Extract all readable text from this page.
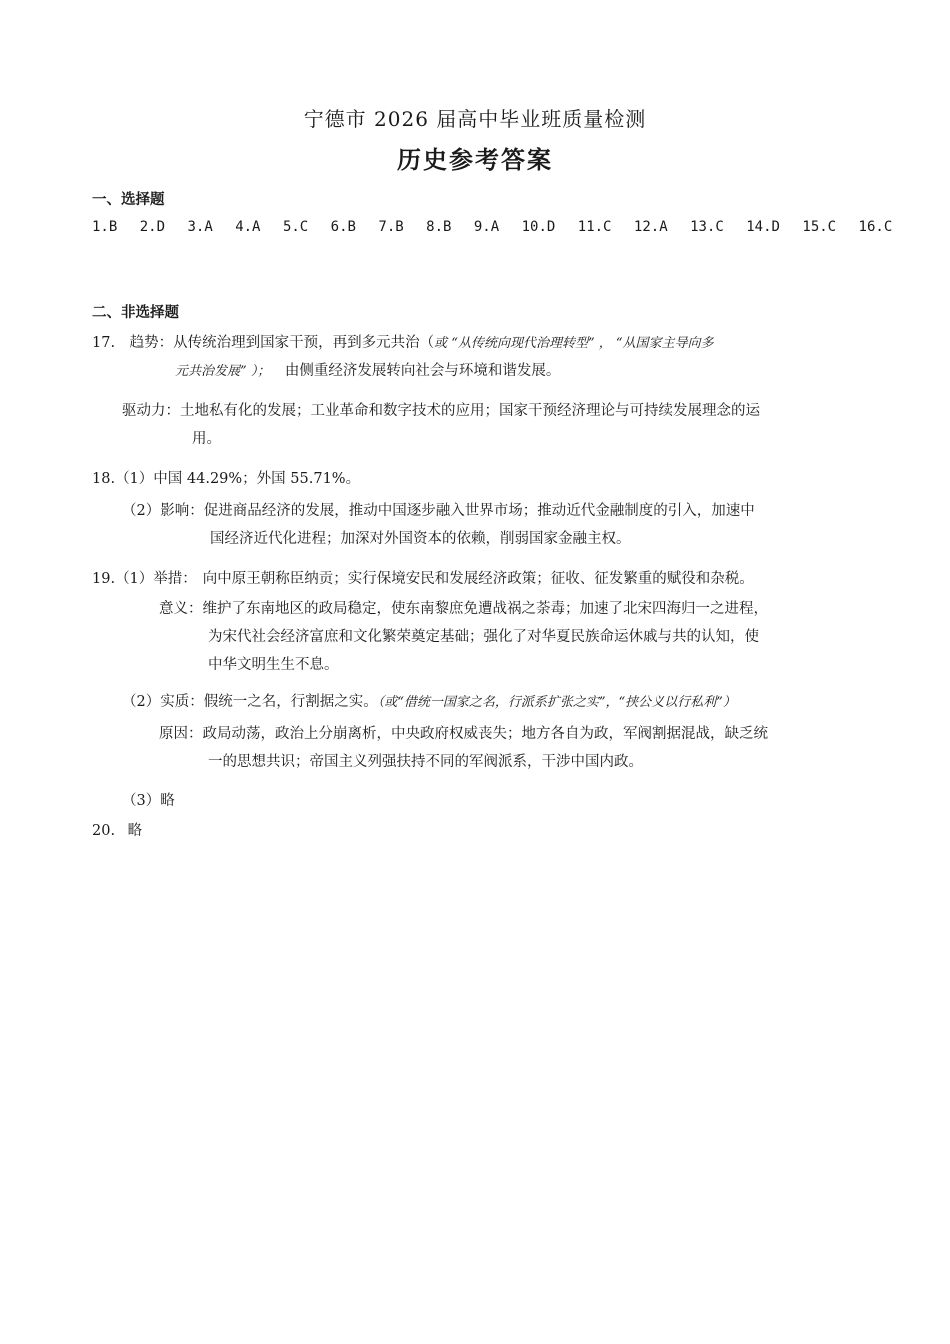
宁德市 2026 届高中毕业班质量检测
历史参考答案
一、选择题
1.B 2.D 3.A 4.A 5.C 6.B 7.B 8.B 9.A 10.D 11.C 12.A 13.C 14.D 15.C 16.C
二、非选择题
17. 趋势：从传统治理到国家干预，再到多元共治（或 “从传统向现代治理转型” ， “从国家主导向多
元共治发展” ）； 由侧重经济发展转向社会与环境和谐发展。
驱动力：土地私有化的发展；工业革命和数字技术的应用；国家干预经济理论与可持续发展理念的运
用。
18.（1）中国 44.29%；外国 55.71%。
（2）影响：促进商品经济的发展，推动中国逐步融入世界市场；推动近代金融制度的引入，加速中
国经济近代化进程；加深对外国资本的依赖，削弱国家金融主权。
19.（1）举措： 向中原王朝称臣纳贡；实行保境安民和发展经济政策；征收、征发繁重的赋役和杂税。
意义：维护了东南地区的政局稳定，使东南黎庶免遭战祸之荼毒；加速了北宋四海归一之进程，
为宋代社会经济富庶和文化繁荣奠定基础；强化了对华夏民族命运休戚与共的认知，使
中华文明生生不息。
（2）实质：假统一之名，行割据之实。（或“借统一国家之名，行派系扩张之实”，“挟公义以行私利”）
原因：政局动荡，政治上分崩离析，中央政府权威丧失；地方各自为政，军阀割据混战，缺乏统
一的思想共识；帝国主义列强扶持不同的军阀派系，干涉中国内政。
（3）略
20. 略
